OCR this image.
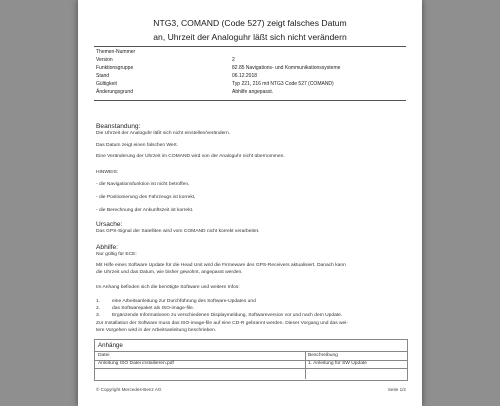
NTG3, COMAND (Code 527) zeigt falsches Datum
an, Uhrzeit der Analoguhr läßt sich nicht verändern
Themen-Nummer
Version	2
Funktionsgruppe	82.85 Navigations- und Kommunikationssysteme
Stand	06.12.2018
Gültigkeit	Typ 221, 216 mit NTG3 Code 527 (COMAND)
Änderungsgrund	Abhilfe angepasst.
Beanstandung:
Die Uhrzeit der Analoguhr läßt sich nicht einstellen/verändern.
Das Datum zeigt einen falschen Wert.
Eine Veränderung der Uhrzeit im COMAND wird von der Analoguhr nicht übernommen.
HINWEIS:
- die Navigationsfunktion ist nicht betroffen,
- die Positionierung des Fahrzeugs ist korrekt,
- die Berechnung der Ankunftszeit ist korrekt.
Ursache:
Das GPS-Signal der Satelliten wird vom COMAND nicht korrekt verarbeitet.
Abhilfe:
Nur gültig für ECE:
Mit Hilfe eines Software Update für die Head Unit wird die Firmeware des GPS-Receivers aktualisiert. Danach kann
die Uhrzeit und das Datum, wie bisher gewohnt, angepasst werden.
Im Anhang befinden sich die benötigte Software und weitere Infos:
1. eine Arbeitsanleitung zur Durchführung des Software-Updates und
2. das Softwarepaket als ISO-image-file.
3. Ergänzende Informationen zu verschiedenen Displaymeldung, Softwareversion vor und nach dem Update.
Zur Installation der Software muss das ISO-image-file auf eine CD-R gebrannt werden. Dieser Vorgang und das wei-
tere Vorgehen wird in der Arbeitsanleitung beschrieben.
Anhänge
Datei	Beschreibung
Anleitung ISO Datei installieren.pdf	1. Anleitung für SW Update
© Copyright Mercedes-Benz AG	Seite 1/2
